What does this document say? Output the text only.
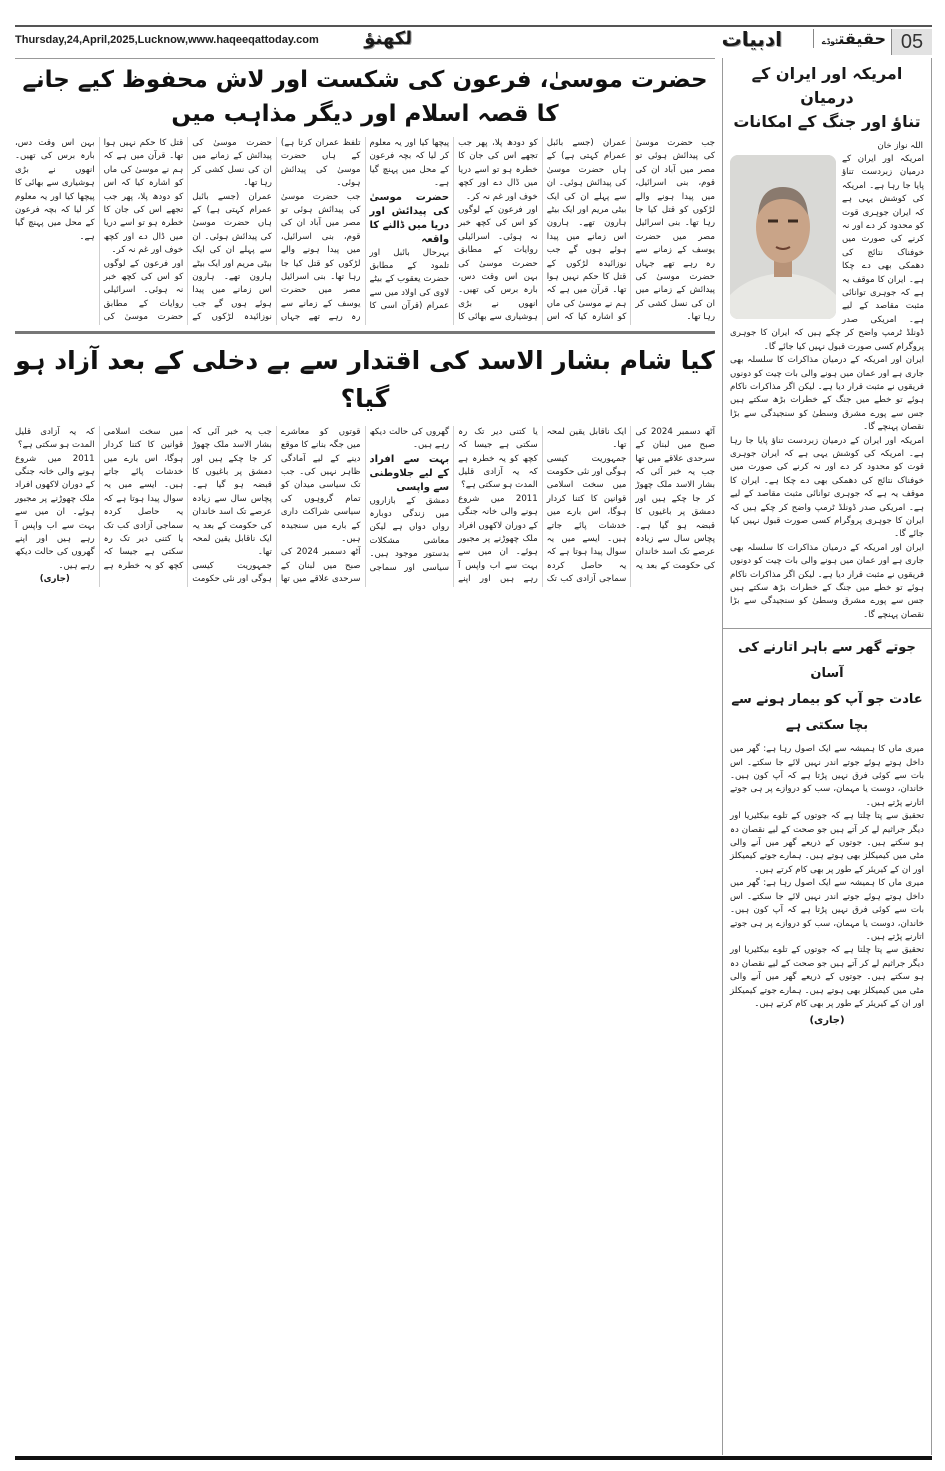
Thursday,24,April,2025,Lucknow,www.haqeeqattoday.com	لکھنؤ	ادبیات	حقیقتٹوڈے	05
حضرت موسیٰ، فرعون کی شکست اور لاش محفوظ کیے جانے کا قصہ اسلام اور دیگر مذاہب میں

جب حضرت موسیٰ کی پیدائش ہوئی تو مصر میں آباد ان کی قوم، بنی اسرائیل، میں پیدا ہونے والے لڑکوں کو قتل کیا جا رہا تھا۔ بنی اسرائیل مصر میں حضرت یوسف کے زمانے سے رہ رہے تھے جہاں حضرت موسیٰ کی پیدائش کے زمانے میں ان کی نسل کشی کر رہا تھا۔

عمران (جسے بائبل عمرام کہتی ہے) کے ہاں حضرت موسیٰ کی پیدائش ہوئی۔ ان سے پہلے ان کی ایک بیٹی مریم اور ایک بیٹے ہارون تھے۔ ہارون اس زمانے میں پیدا ہوئے ہوں گے جب نوزائیدہ لڑکوں کے قتل کا حکم نہیں ہوا تھا۔ قرآن میں ہے کہ ہم نے موسیٰ کی ماں کو اشارہ کیا کہ اس کو دودھ پلا، پھر جب تجھے اس کی جان کا خطرہ ہو تو اسے دریا میں ڈال دے اور کچھ خوف اور غم نہ کر۔

اور فرعون کے لوگوں کو اس کی کچھ خبر نہ ہوئی۔ اسرائیلی روایات کے مطابق حضرت موسیٰ کی بہن اس وقت دس، بارہ برس کی تھیں۔ انھوں نے بڑی ہوشیاری سے بھائی کا پیچھا کیا اور یہ معلوم کر لیا کہ بچہ فرعون کے محل میں پہنچ گیا ہے۔

حضرت موسیٰ کی پیدائش اور دریا میں ڈالنے کا واقعہ

بہرحال بائبل اور تلمود کے مطابق حضرت یعقوب کے بیٹے لاوی کی اولاد میں سے عمرام (قرآن اسی کا تلفظ عمران کرتا ہے) کے ہاں حضرت موسیٰ کی پیدائش ہوئی۔

جب حضرت موسیٰ کی پیدائش ہوئی تو مصر میں آباد ان کی قوم، بنی اسرائیل، میں پیدا ہونے والے لڑکوں کو قتل کیا جا رہا تھا۔ بنی اسرائیل مصر میں حضرت یوسف کے زمانے سے رہ رہے تھے جہاں حضرت موسیٰ کی پیدائش کے زمانے میں ان کی نسل کشی کر رہا تھا۔

عمران (جسے بائبل عمرام کہتی ہے) کے ہاں حضرت موسیٰ کی پیدائش ہوئی۔ ان سے پہلے ان کی ایک بیٹی مریم اور ایک بیٹے ہارون تھے۔ ہارون اس زمانے میں پیدا ہوئے ہوں گے جب نوزائیدہ لڑکوں کے قتل کا حکم نہیں ہوا تھا۔ قرآن میں ہے کہ ہم نے موسیٰ کی ماں کو اشارہ کیا کہ اس کو دودھ پلا، پھر جب تجھے اس کی جان کا خطرہ ہو تو اسے دریا میں ڈال دے اور کچھ خوف اور غم نہ کر۔

اور فرعون کے لوگوں کو اس کی کچھ خبر نہ ہوئی۔ اسرائیلی روایات کے مطابق حضرت موسیٰ کی بہن اس وقت دس، بارہ برس کی تھیں۔ انھوں نے بڑی ہوشیاری سے بھائی کا پیچھا کیا اور یہ معلوم کر لیا کہ بچہ فرعون کے محل میں پہنچ گیا ہے۔

کیا شام بشار الاسد کی اقتدار سے بے دخلی کے بعد آزاد ہو گیا؟

آٹھ دسمبر 2024 کی صبح میں لبنان کے سرحدی علاقے میں تھا جب یہ خبر آئی کہ بشار الاسد ملک چھوڑ کر جا چکے ہیں اور دمشق پر باغیوں کا قبضہ ہو گیا ہے۔ پچاس سال سے زیادہ عرصے تک اسد خاندان کی حکومت کے بعد یہ ایک ناقابل یقین لمحہ تھا۔

جمہوریت کیسی ہوگی اور نئی حکومت میں سخت اسلامی قوانین کا کتنا کردار ہوگا، اس بارے میں خدشات پائے جاتے ہیں۔ ایسے میں یہ سوال پیدا ہوتا ہے کہ یہ حاصل کردہ سماجی آزادی کب تک یا کتنی دیر تک رہ سکتی ہے جیسا کہ کچھ کو یہ خطرہ ہے کہ یہ آزادی قلیل المدت ہو سکتی ہے؟

2011 میں شروع ہونے والی خانہ جنگی کے دوران لاکھوں افراد ملک چھوڑنے پر مجبور ہوئے۔ ان میں سے بہت سے اب واپس آ رہے ہیں اور اپنے گھروں کی حالت دیکھ رہے ہیں۔

بہت سے افراد کے لیے جلاوطنی سے واپسی

دمشق کے بازاروں میں زندگی دوبارہ رواں دواں ہے لیکن معاشی مشکلات بدستور موجود ہیں۔ سیاسی اور سماجی قوتوں کو معاشرے میں جگہ بنانے کا موقع دینے کے لیے آمادگی ظاہر نہیں کی۔ جب تک سیاسی میدان کو تمام گروہوں کی سیاسی شراکت داری کے بارے میں سنجیدہ ہیں۔

آٹھ دسمبر 2024 کی صبح میں لبنان کے سرحدی علاقے میں تھا جب یہ خبر آئی کہ بشار الاسد ملک چھوڑ کر جا چکے ہیں اور دمشق پر باغیوں کا قبضہ ہو گیا ہے۔ پچاس سال سے زیادہ عرصے تک اسد خاندان کی حکومت کے بعد یہ ایک ناقابل یقین لمحہ تھا۔

جمہوریت کیسی ہوگی اور نئی حکومت میں سخت اسلامی قوانین کا کتنا کردار ہوگا، اس بارے میں خدشات پائے جاتے ہیں۔ ایسے میں یہ سوال پیدا ہوتا ہے کہ یہ حاصل کردہ سماجی آزادی کب تک یا کتنی دیر تک رہ سکتی ہے جیسا کہ کچھ کو یہ خطرہ ہے کہ یہ آزادی قلیل المدت ہو سکتی ہے؟

2011 میں شروع ہونے والی خانہ جنگی کے دوران لاکھوں افراد ملک چھوڑنے پر مجبور ہوئے۔ ان میں سے بہت سے اب واپس آ رہے ہیں اور اپنے گھروں کی حالت دیکھ رہے ہیں۔

(جاری)

امریکہ اور ایران کے درمیان
تناؤ اور جنگ کے امکانات
اللہ نواز خان

امریکہ اور ایران کے درمیان زبردست تناؤ پایا جا رہا ہے۔ امریکہ کی کوشش یہی ہے کہ ایران جوہری قوت کو محدود کر دے اور نہ کرنے کی صورت میں خوفناک نتائج کی دھمکی بھی دے چکا ہے۔ ایران کا موقف یہ ہے کہ جوہری توانائی مثبت مقاصد کے لیے ہے۔ امریکی صدر ڈونلڈ ٹرمپ واضح کر چکے ہیں کہ ایران کا جوہری پروگرام کسی صورت قبول نہیں کیا جائے گا۔

ایران اور امریکہ کے درمیان مذاکرات کا سلسلہ بھی جاری ہے اور عمان میں ہونے والی بات چیت کو دونوں فریقوں نے مثبت قرار دیا ہے۔ لیکن اگر مذاکرات ناکام ہوئے تو خطے میں جنگ کے خطرات بڑھ سکتے ہیں جس سے پورے مشرق وسطیٰ کو سنجیدگی سے بڑا نقصان پہنچے گا۔

امریکہ اور ایران کے درمیان زبردست تناؤ پایا جا رہا ہے۔ امریکہ کی کوشش یہی ہے کہ ایران جوہری قوت کو محدود کر دے اور نہ کرنے کی صورت میں خوفناک نتائج کی دھمکی بھی دے چکا ہے۔ ایران کا موقف یہ ہے کہ جوہری توانائی مثبت مقاصد کے لیے ہے۔ امریکی صدر ڈونلڈ ٹرمپ واضح کر چکے ہیں کہ ایران کا جوہری پروگرام کسی صورت قبول نہیں کیا جائے گا۔

ایران اور امریکہ کے درمیان مذاکرات کا سلسلہ بھی جاری ہے اور عمان میں ہونے والی بات چیت کو دونوں فریقوں نے مثبت قرار دیا ہے۔ لیکن اگر مذاکرات ناکام ہوئے تو خطے میں جنگ کے خطرات بڑھ سکتے ہیں جس سے پورے مشرق وسطیٰ کو سنجیدگی سے بڑا نقصان پہنچے گا۔

جوتے گھر سے باہر اتارنے کی آسان
عادت جو آپ کو بیمار ہونے سے بچا سکتی ہے

میری ماں کا ہمیشہ سے ایک اصول رہا ہے: گھر میں داخل ہوتے ہوئے جوتے اندر نہیں لائے جا سکتے۔ اس بات سے کوئی فرق نہیں پڑتا ہے کہ آپ کون ہیں۔ خاندان، دوست یا مہمان، سب کو دروازے پر ہی جوتے اتارنے پڑتے ہیں۔

تحقیق سے پتا چلتا ہے کہ جوتوں کے تلوے بیکٹیریا اور دیگر جراثیم لے کر آتے ہیں جو صحت کے لیے نقصان دہ ہو سکتے ہیں۔ جوتوں کے ذریعے گھر میں آنے والی مٹی میں کیمیکلز بھی ہوتے ہیں۔ ہمارے جوتے کیمیکلز اور ان کے کیریئر کے طور پر بھی کام کرتے ہیں۔

میری ماں کا ہمیشہ سے ایک اصول رہا ہے: گھر میں داخل ہوتے ہوئے جوتے اندر نہیں لائے جا سکتے۔ اس بات سے کوئی فرق نہیں پڑتا ہے کہ آپ کون ہیں۔ خاندان، دوست یا مہمان، سب کو دروازے پر ہی جوتے اتارنے پڑتے ہیں۔

تحقیق سے پتا چلتا ہے کہ جوتوں کے تلوے بیکٹیریا اور دیگر جراثیم لے کر آتے ہیں جو صحت کے لیے نقصان دہ ہو سکتے ہیں۔ جوتوں کے ذریعے گھر میں آنے والی مٹی میں کیمیکلز بھی ہوتے ہیں۔ ہمارے جوتے کیمیکلز اور ان کے کیریئر کے طور پر بھی کام کرتے ہیں۔

(جاری)
